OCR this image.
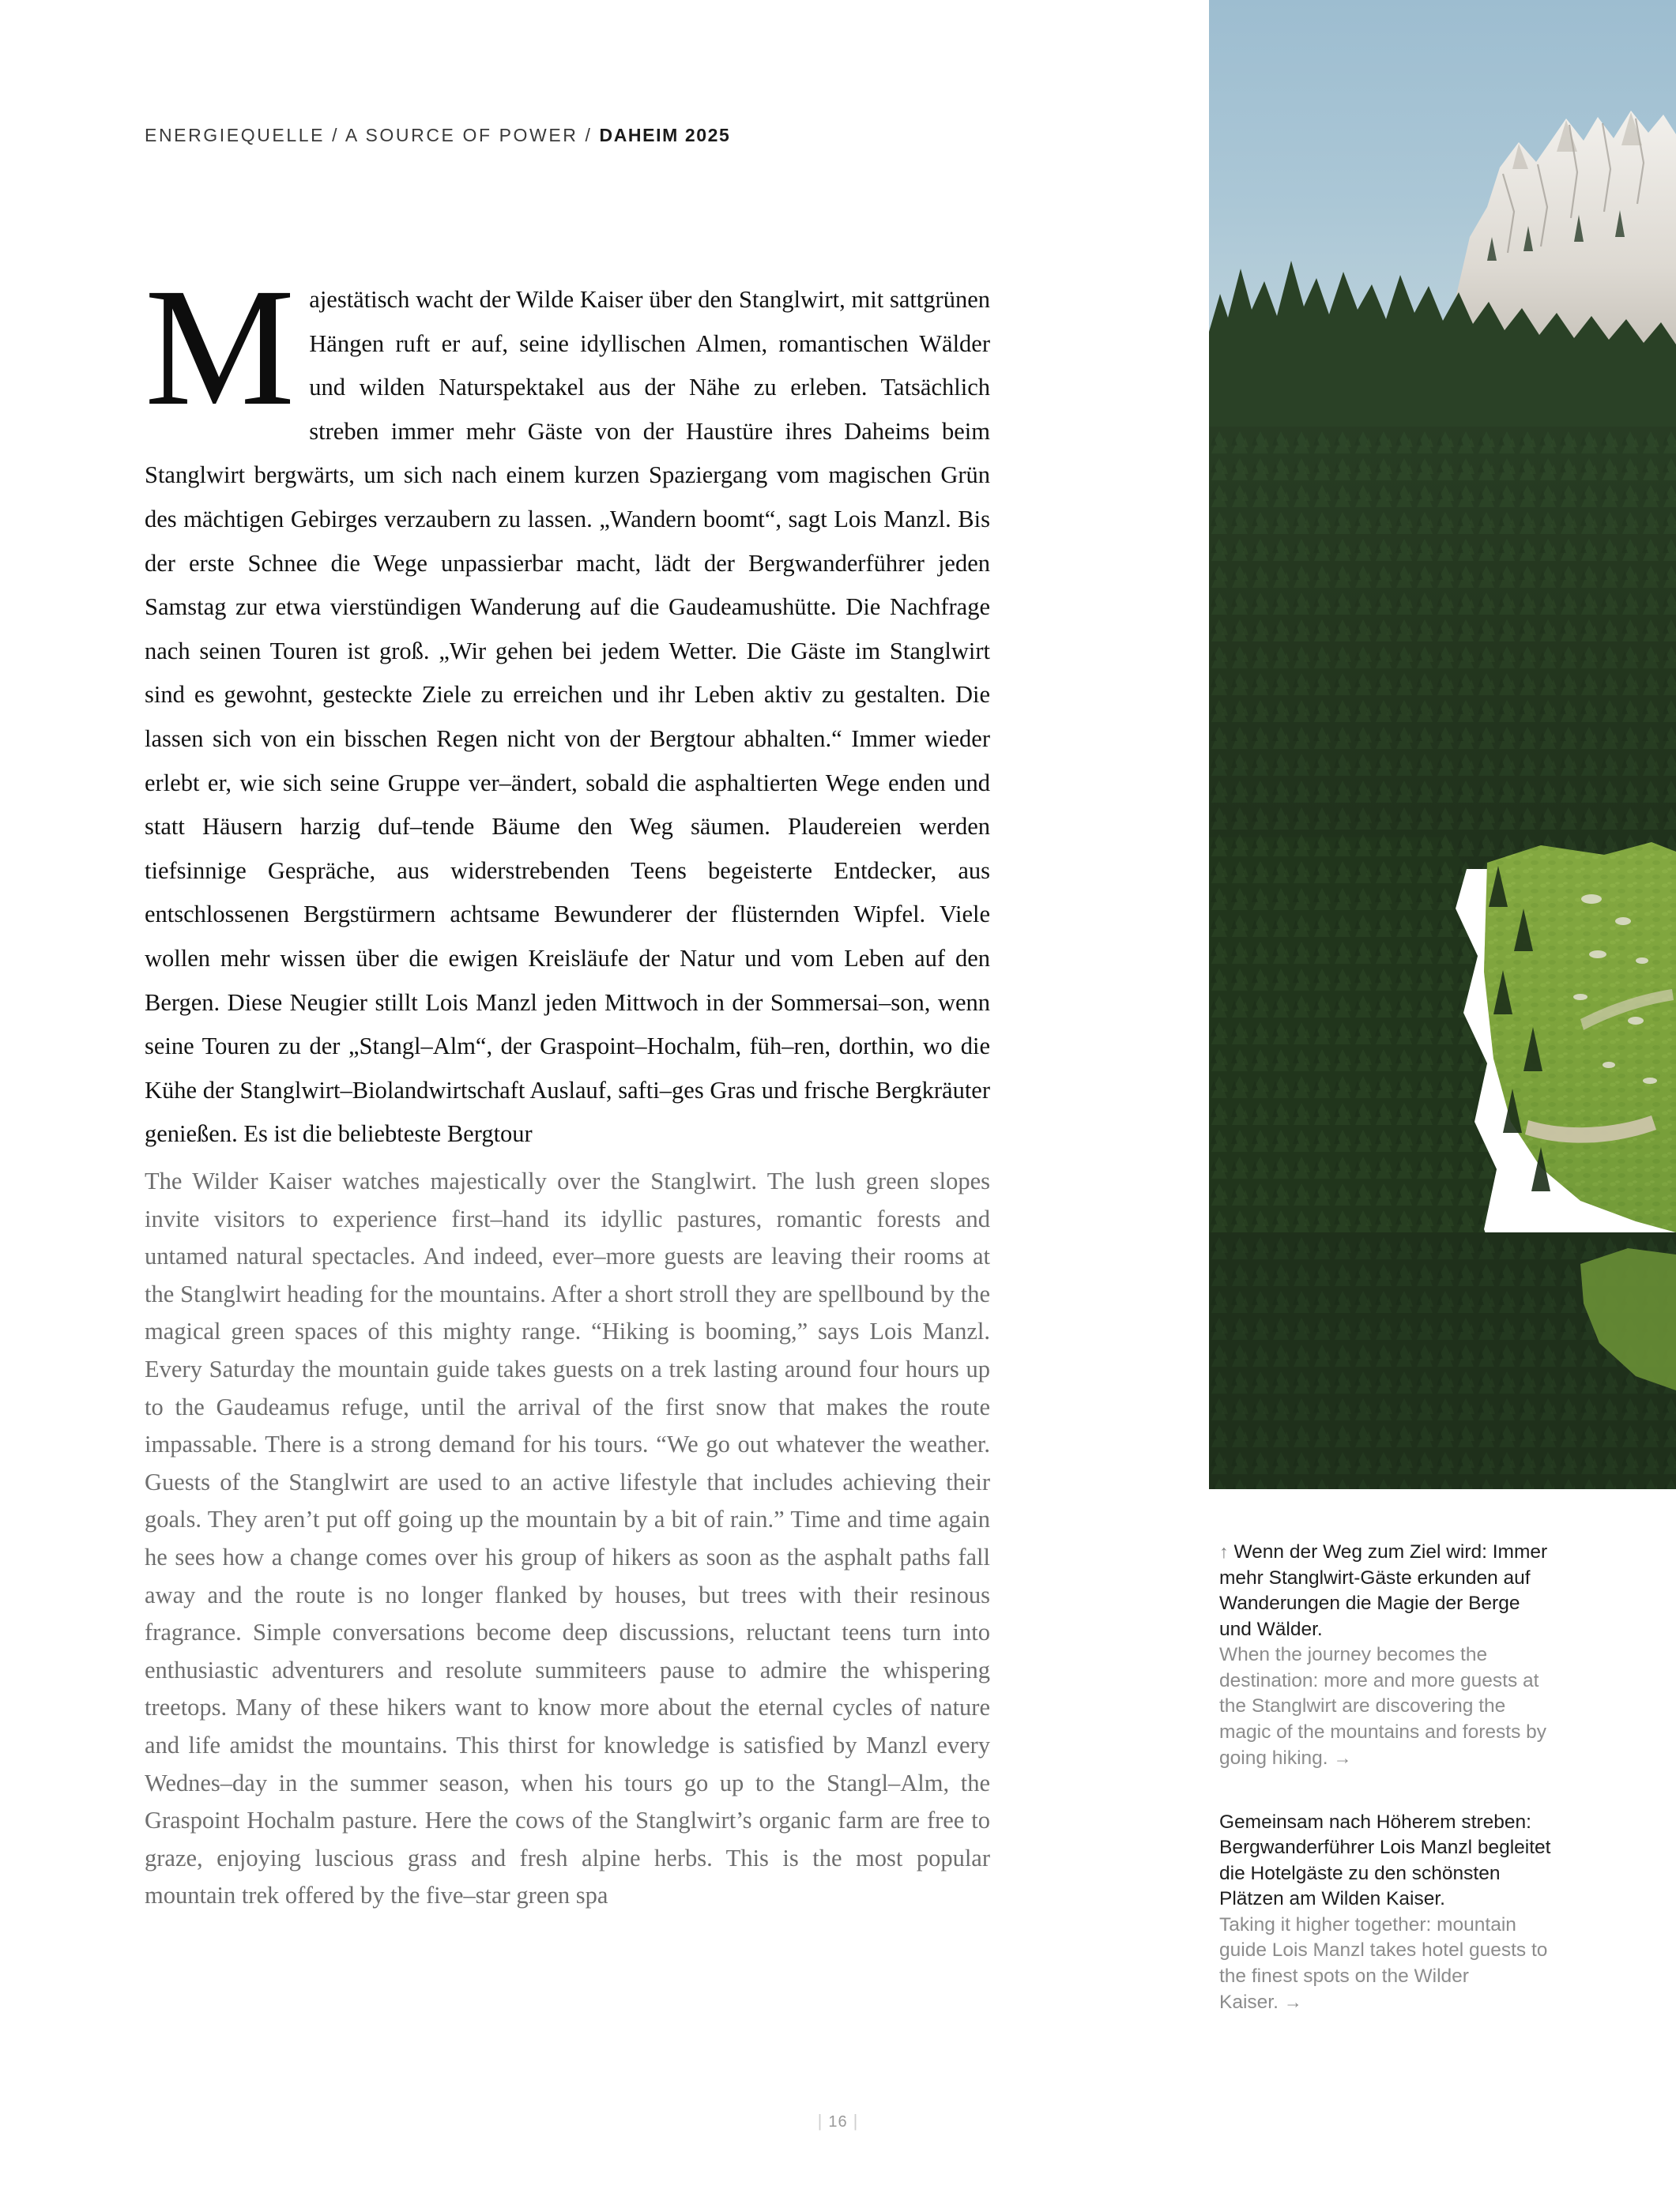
ENERGIEQUELLE / A SOURCE OF POWER / DAHEIM 2025

Majestätisch wacht der Wilde Kaiser über den Stanglwirt, mit sattgrünen Hängen ruft er auf, seine idyllischen Almen, romantischen Wälder und wilden Naturspektakel aus der Nähe zu erleben. Tatsächlich streben immer mehr Gäste von der Haustüre ihres Daheims beim Stanglwirt bergwärts, um sich nach einem kurzen Spaziergang vom magischen Grün des mächtigen Gebirges verzaubern zu lassen. „Wandern boomt“, sagt Lois Manzl. Bis der erste Schnee die Wege unpassierbar macht, lädt der Bergwanderführer jeden Samstag zur etwa vierstündigen Wanderung auf die Gaudeamushütte. Die Nachfrage nach seinen Touren ist groß. „Wir gehen bei jedem Wetter. Die Gäste im Stanglwirt sind es gewohnt, gesteckte Ziele zu erreichen und ihr Leben aktiv zu gestalten. Die lassen sich von ein bisschen Regen nicht von der Bergtour abhalten.“ Immer wieder erlebt er, wie sich seine Gruppe ver–ändert, sobald die asphaltierten Wege enden und statt Häusern harzig duf–tende Bäume den Weg säumen. Plaudereien werden tiefsinnige Gespräche, aus widerstrebenden Teens begeisterte Entdecker, aus entschlossenen Bergstürmern achtsame Bewunderer der flüsternden Wipfel. Viele wollen mehr wissen über die ewigen Kreisläufe der Natur und vom Leben auf den Bergen. Diese Neugier stillt Lois Manzl jeden Mittwoch in der Sommersai–son, wenn seine Touren zu der „Stangl–Alm“, der Graspoint–Hochalm, füh–ren, dorthin, wo die Kühe der Stanglwirt–Biolandwirtschaft Auslauf, safti–ges Gras und frische Bergkräuter genießen. Es ist die beliebteste Bergtour

The Wilder Kaiser watches majestically over the Stanglwirt. The lush green slopes invite visitors to experience first–hand its idyllic pastures, romantic forests and untamed natural spectacles. And indeed, ever–more guests are leaving their rooms at the Stanglwirt heading for the mountains. After a short stroll they are spellbound by the magical green spaces of this mighty range. “Hiking is booming,” says Lois Manzl. Every Saturday the mountain guide takes guests on a trek lasting around four hours up to the Gaudeamus refuge, until the arrival of the first snow that makes the route impassable. There is a strong demand for his tours. “We go out whatever the weather. Guests of the Stanglwirt are used to an active lifestyle that includes achieving their goals. They aren’t put off going up the mountain by a bit of rain.” Time and time again he sees how a change comes over his group of hikers as soon as the asphalt paths fall away and the route is no longer flanked by houses, but trees with their resinous fragrance. Simple conversations become deep discussions, reluctant teens turn into enthusiastic adventurers and resolute summiteers pause to admire the whispering treetops. Many of these hikers want to know more about the eternal cycles of nature and life amidst the mountains. This thirst for knowledge is satisfied by Manzl every Wednes–day in the summer season, when his tours go up to the Stangl–Alm, the Graspoint Hochalm pasture. Here the cows of the Stanglwirt’s organic farm are free to graze, enjoying luscious grass and fresh alpine herbs. This is the most popular mountain trek offered by the five–star green spa

↑ Wenn der Weg zum Ziel wird: Immer mehr Stanglwirt-Gäste erkunden auf Wanderungen die Magie der Berge und Wälder.

When the journey becomes the destination: more and more guests at the Stanglwirt are discovering the magic of the mountains and forests by going hiking. →

Gemeinsam nach Höherem streben: Bergwanderführer Lois Manzl begleitet die Hotelgäste zu den schönsten Plätzen am Wilden Kaiser.

Taking it higher together: mountain guide Lois Manzl takes hotel guests to the finest spots on the Wilder Kaiser. →

| 16 |
